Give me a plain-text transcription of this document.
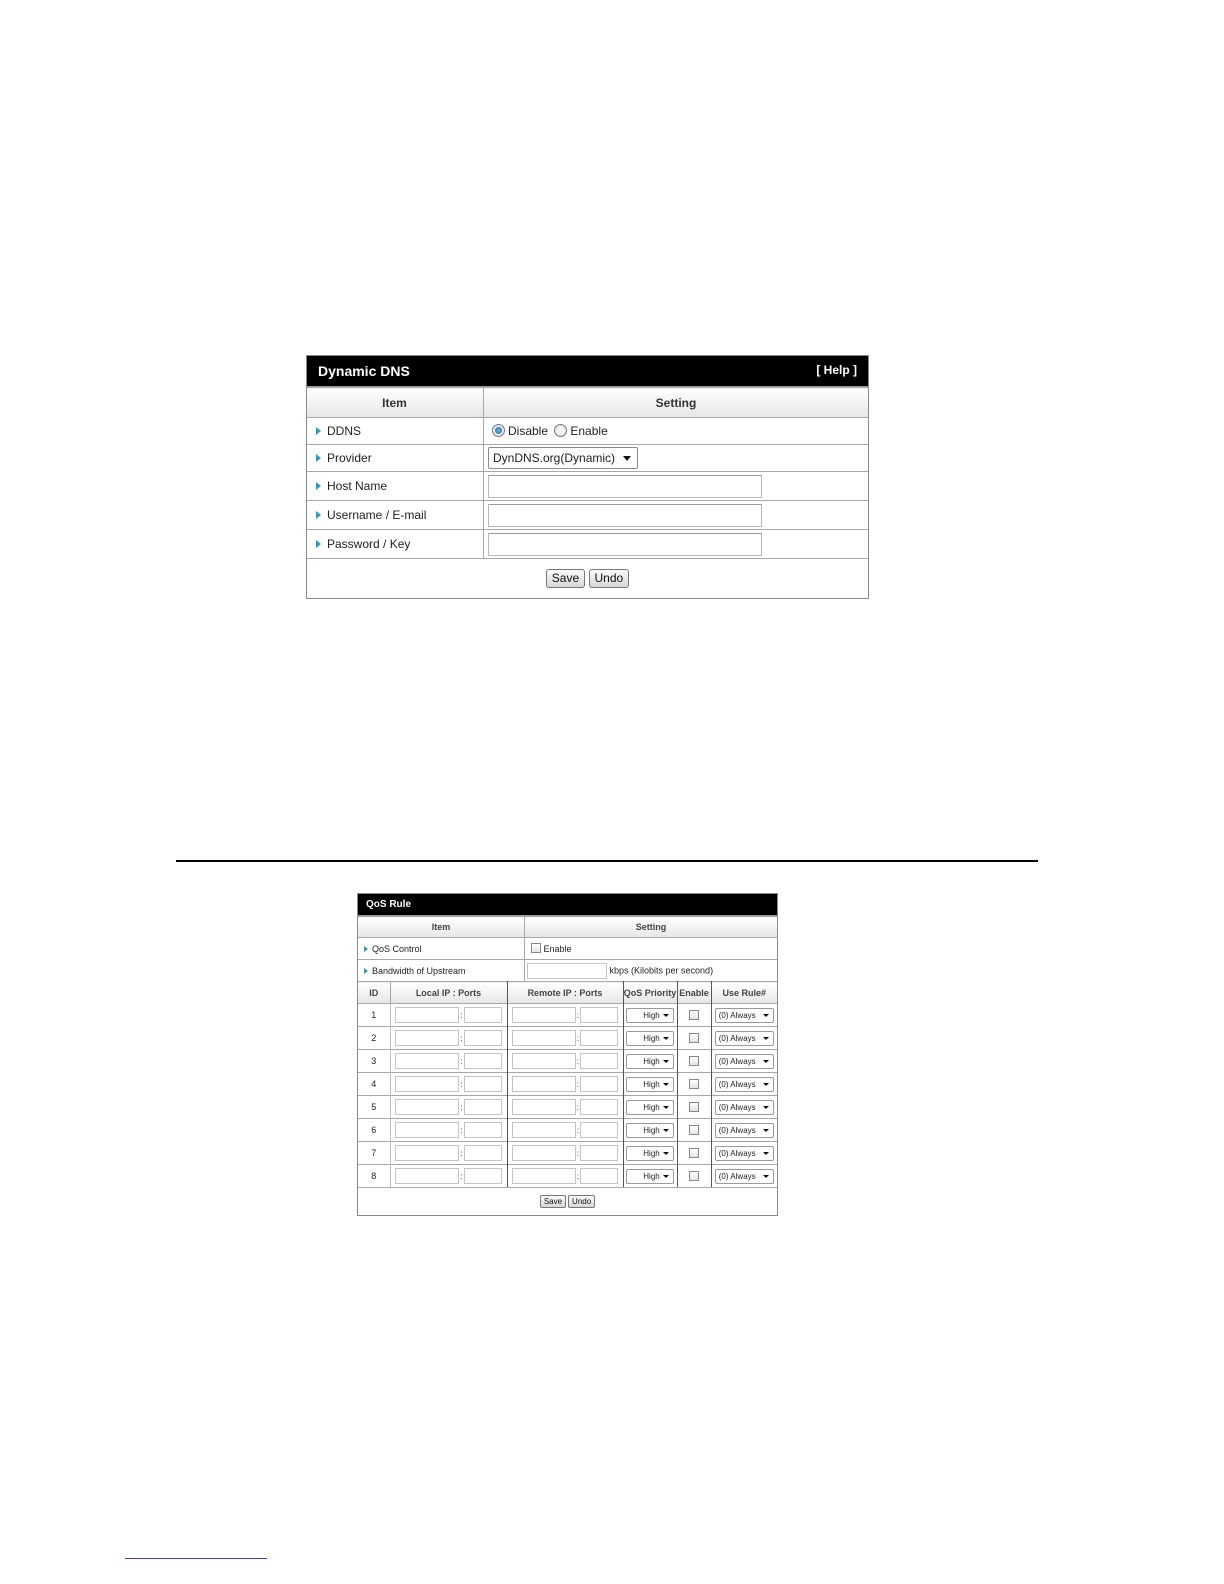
Dynamic DNS	[ Help ]
Item	Setting
DDNS	Disable Enable
Provider	DynDNS.org(Dynamic)

Host Name	

Username / E-mail	

Password / Key	

Save Undo	
QoS Rule
Item	Setting
QoS Control	Enable
Bandwidth of Upstream	kbps (Kilobits per second)
ID	Local IP : Ports	Remote IP : Ports	QoS Priority	Enable	Use Rule#
1	:	:	High		(0) Always

2	:	:	High		(0) Always

3	:	:	High		(0) Always

4	:	:	High		(0) Always

5	:	:	High		(0) Always

6	:	:	High		(0) Always

7	:	:	High		(0) Always

8	:	:	High		(0) Always
Save	Undo
